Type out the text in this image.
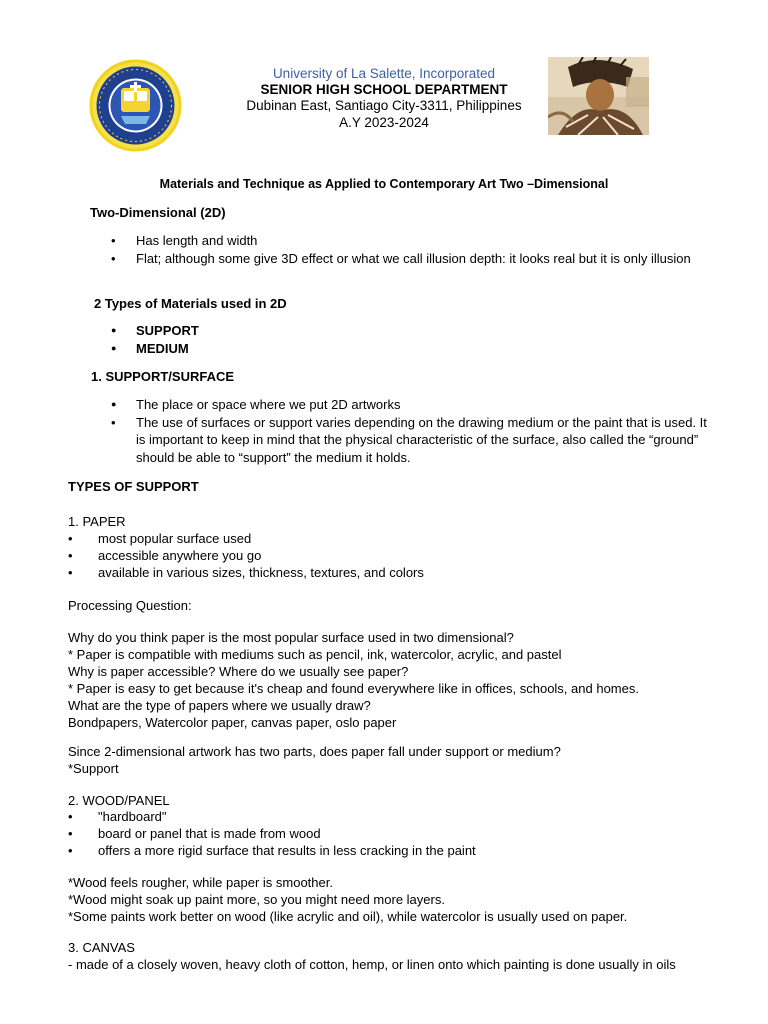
University of La Salette, Incorporated
SENIOR HIGH SCHOOL DEPARTMENT
Dubinan East, Santiago City-3311, Philippines
A.Y 2023-2024
Materials and Technique as Applied to Contemporary Art Two –Dimensional
Two-Dimensional (2D)
• Has length and width
• Flat; although some give 3D effect or what we call illusion depth: it looks real but it is only illusion
2 Types of Materials used in 2D
● SUPPORT
● MEDIUM
1. SUPPORT/SURFACE
● The place or space where we put 2D artworks
• The use of surfaces or support varies depending on the drawing medium or the paint that is used. It is important to keep in mind that the physical characteristic of the surface, also called the “ground” should be able to “support” the medium it holds.
TYPES OF SUPPORT
1. PAPER
• most popular surface used
• accessible anywhere you go
• available in various sizes, thickness, textures, and colors
Processing Question:
Why do you think paper is the most popular surface used in two dimensional?
* Paper is compatible with mediums such as pencil, ink, watercolor, acrylic, and pastel
Why is paper accessible? Where do we usually see paper?
* Paper is easy to get because it's cheap and found everywhere like in offices, schools, and homes.
What are the type of papers where we usually draw?
Bondpapers, Watercolor paper, canvas paper, oslo paper
Since 2-dimensional artwork has two parts, does paper fall under support or medium?
*Support
2. WOOD/PANEL
• "hardboard"
• board or panel that is made from wood
• offers a more rigid surface that results in less cracking in the paint
*Wood feels rougher, while paper is smoother.
*Wood might soak up paint more, so you might need more layers.
*Some paints work better on wood (like acrylic and oil), while watercolor is usually used on paper.
3. CANVAS
- made of a closely woven, heavy cloth of cotton, hemp, or linen onto which painting is done usually in oils
